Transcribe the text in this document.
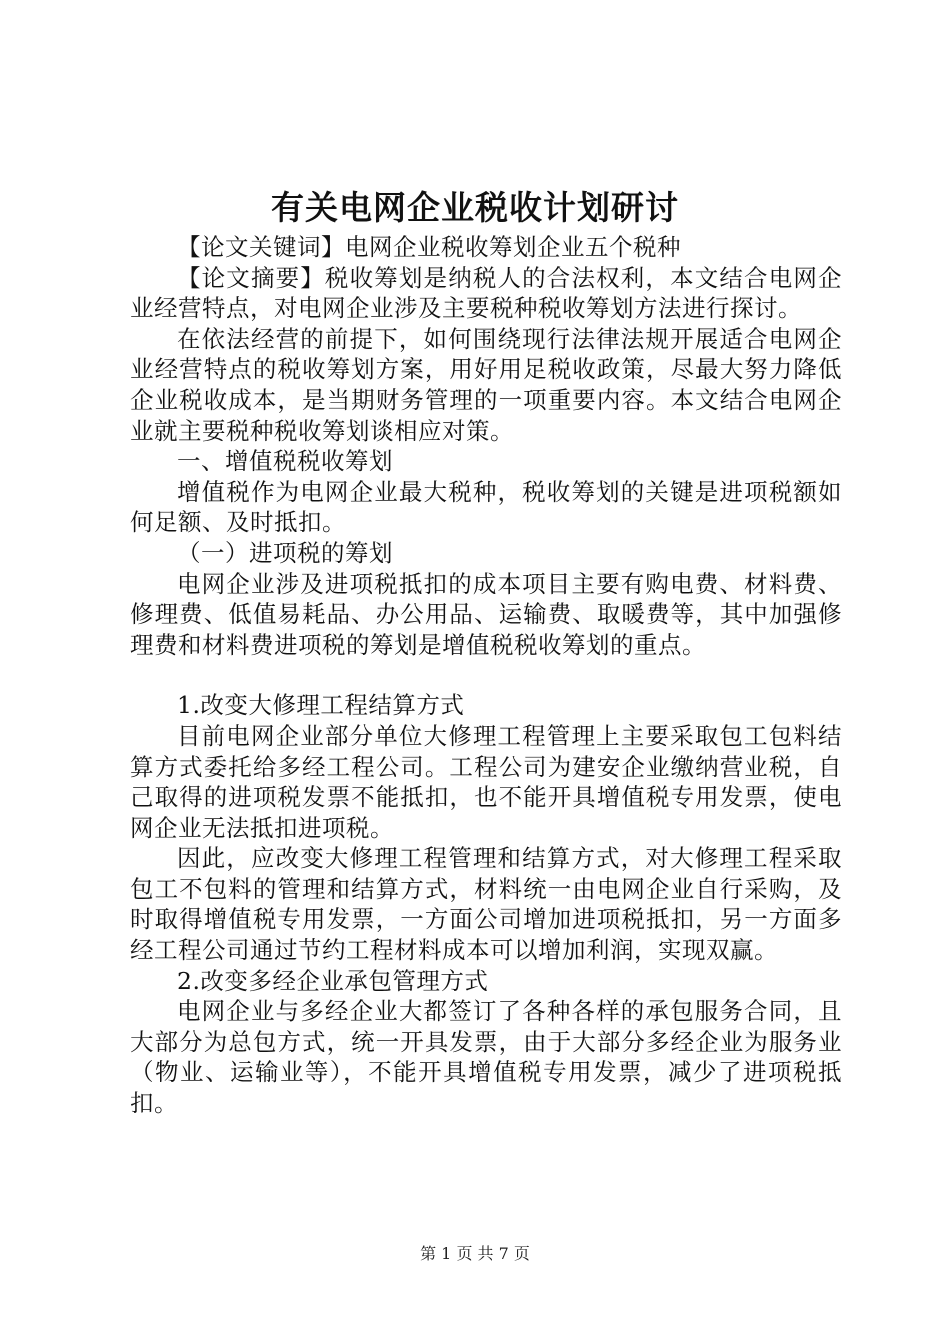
有关电网企业税收计划研讨

【论文关键词】电网企业税收筹划企业五个税种

【论文摘要】税收筹划是纳税人的合法权利，本文结合电网企业经营特点，对电网企业涉及主要税种税收筹划方法进行探讨。

在依法经营的前提下，如何围绕现行法律法规开展适合电网企业经营特点的税收筹划方案，用好用足税收政策，尽最大努力降低企业税收成本，是当期财务管理的一项重要内容。本文结合电网企业就主要税种税收筹划谈相应对策。

一、增值税税收筹划

增值税作为电网企业最大税种，税收筹划的关键是进项税额如何足额、及时抵扣。

（一）进项税的筹划

电网企业涉及进项税抵扣的成本项目主要有购电费、材料费、修理费、低值易耗品、办公用品、运输费、取暖费等，其中加强修理费和材料费进项税的筹划是增值税税收筹划的重点。

1.改变大修理工程结算方式

目前电网企业部分单位大修理工程管理上主要采取包工包料结算方式委托给多经工程公司。工程公司为建安企业缴纳营业税，自己取得的进项税发票不能抵扣，也不能开具增值税专用发票，使电网企业无法抵扣进项税。

因此，应改变大修理工程管理和结算方式，对大修理工程采取包工不包料的管理和结算方式，材料统一由电网企业自行采购，及时取得增值税专用发票，一方面公司增加进项税抵扣，另一方面多经工程公司通过节约工程材料成本可以增加利润，实现双赢。

2.改变多经企业承包管理方式

电网企业与多经企业大都签订了各种各样的承包服务合同，且大部分为总包方式，统一开具发票，由于大部分多经企业为服务业（物业、运输业等），不能开具增值税专用发票，减少了进项税抵扣。

第 1 页 共 7 页
